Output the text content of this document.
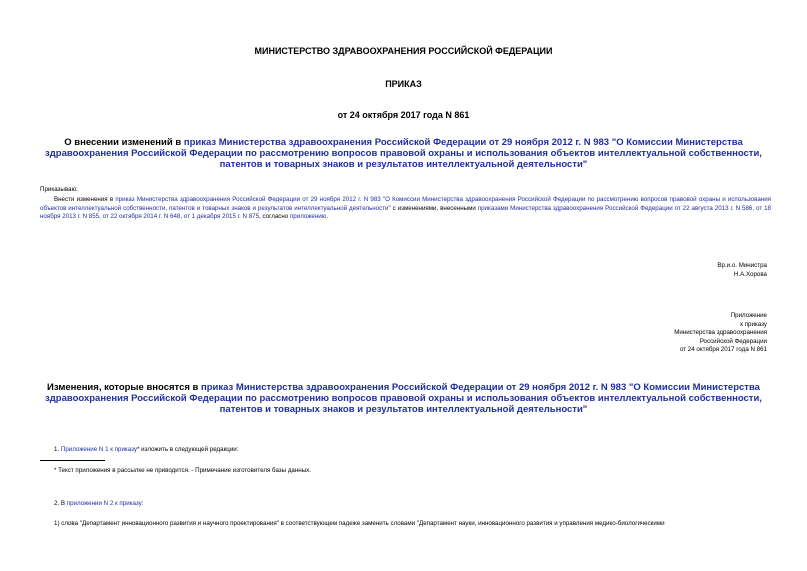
МИНИСТЕРСТВО ЗДРАВООХРАНЕНИЯ РОССИЙСКОЙ ФЕДЕРАЦИИ
ПРИКАЗ
от 24 октября 2017 года N 861
О внесении изменений в приказ Министерства здравоохранения Российской Федерации от 29 ноября 2012 г. N 983 "О Комиссии Министерства здравоохранения Российской Федерации по рассмотрению вопросов правовой охраны и использования объектов интеллектуальной собственности, патентов и товарных знаков и результатов интеллектуальной деятельности"
Приказываю:
Внести изменения в приказ Министерства здравоохранения Российской Федерации от 29 ноября 2012 г. N 983 "О Комиссии Министерства здравоохранения Российской Федерации по рассмотрению вопросов правовой охраны и использования объектов интеллектуальной собственности, патентов и товарных знаков и результатов интеллектуальной деятельности" с изменениями, внесенными приказами Министерства здравоохранения Российской Федерации от 22 августа 2013 г. N 586, от 18 ноября 2013 г. N 855, от 22 октября 2014 г. N 648, от 1 декабря 2015 г. N 875, согласно приложению.
Вр.и.о. Министра
Н.А.Хорова
Приложение
к приказу
Министерства здравоохранения
Российской Федерации
от 24 октября 2017 года N 861
Изменения, которые вносятся в приказ Министерства здравоохранения Российской Федерации от 29 ноября 2012 г. N 983 "О Комиссии Министерства здравоохранения Российской Федерации по рассмотрению вопросов правовой охраны и использования объектов интеллектуальной собственности, патентов и товарных знаков и результатов интеллектуальной деятельности"
1. Приложение N 1 к приказу* изложить в следующей редакции:
* Текст приложения в рассылке не приводится. - Примечание изготовителя базы данных.
2. В приложении N 2 к приказу:
1) слова "Департамент инновационного развития и научного проектирования" в соответствующем падеже заменить словами "Департамент науки, инновационного развития и управления медико-биологическими
